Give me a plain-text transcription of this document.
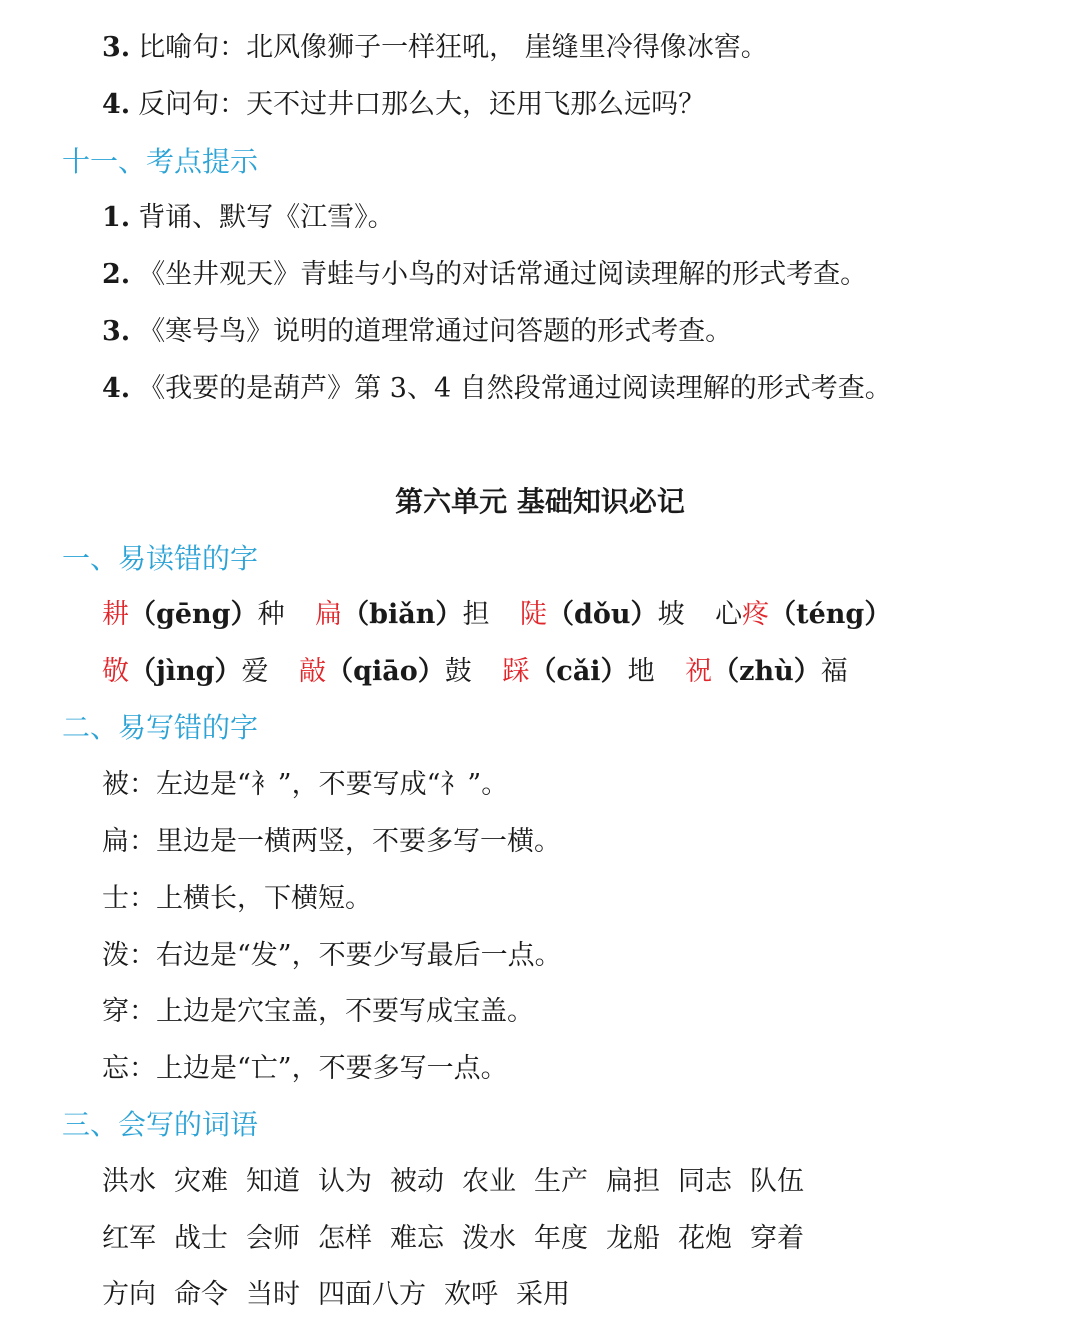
3. 比喻句：北风像狮子一样狂吼， 崖缝里冷得像冰窖。
4. 反问句：天不过井口那么大，还用飞那么远吗？
十一、考点提示
1. 背诵、默写《江雪》。
2. 《坐井观天》青蛙与小鸟的对话常通过阅读理解的形式考查。
3. 《寒号鸟》说明的道理常通过问答题的形式考查。
4. 《我要的是葫芦》第 3、4 自然段常通过阅读理解的形式考查。
第六单元 基础知识必记
一、易读错的字
耕（gēng）种 扁（biǎn）担 陡（dǒu）坡 心疼（téng）
敬（jìng）爱 敲（qiāo）鼓 踩（cǎi）地 祝（zhù）福
二、易写错的字
被：左边是“衤”，不要写成“礻”。
扁：里边是一横两竖，不要多写一横。
士：上横长，下横短。
泼：右边是“发”，不要少写最后一点。
穿：上边是穴宝盖，不要写成宝盖。
忘：上边是“亡”，不要多写一点。
三、会写的词语
洪水 灾难 知道 认为 被动 农业 生产 扁担 同志 队伍
红军 战士 会师 怎样 难忘 泼水 年度 龙船 花炮 穿着
方向 命令 当时 四面八方 欢呼 采用
